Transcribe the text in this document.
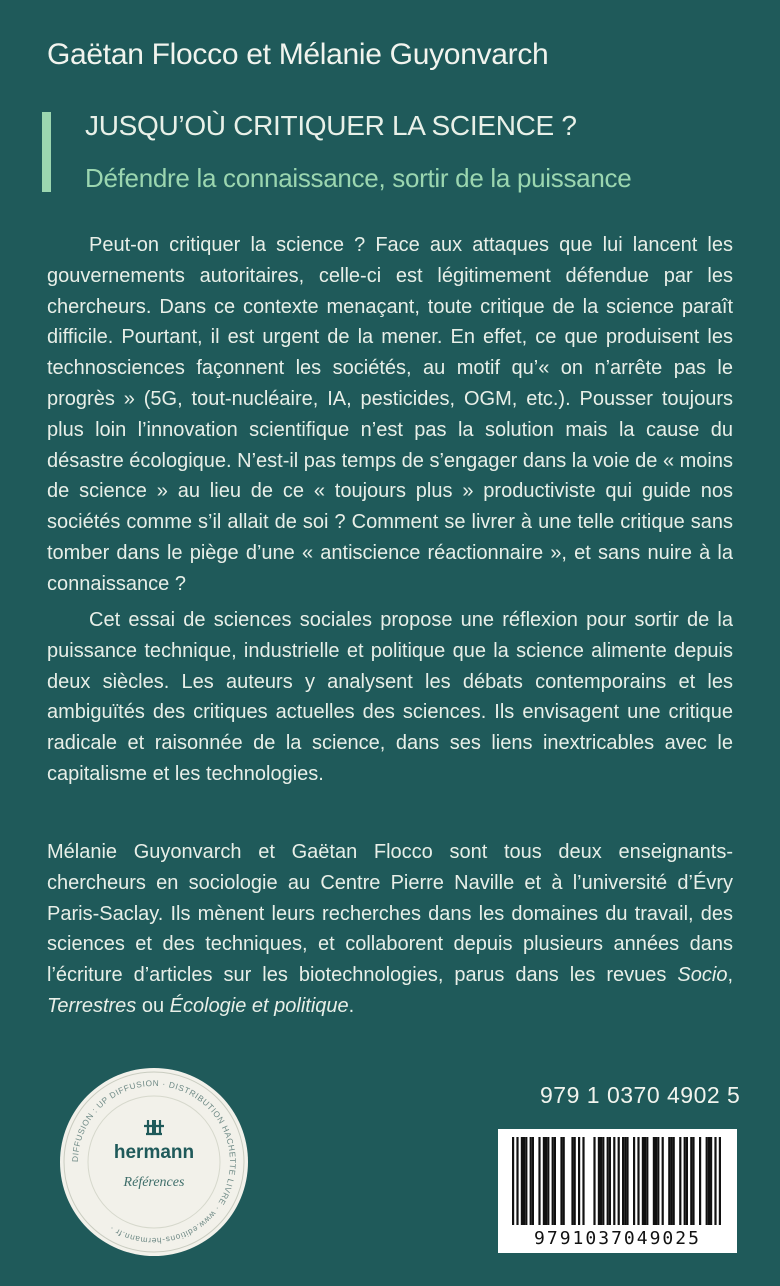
Gaëtan Flocco et Mélanie Guyonvarch
JUSQU’OÙ CRITIQUER LA SCIENCE ?
Défendre la connaissance, sortir de la puissance

Peut-on critiquer la science ? Face aux attaques que lui lancent les gouvernements autoritaires, celle-ci est légitimement défendue par les chercheurs. Dans ce contexte menaçant, toute critique de la science paraît difficile. Pourtant, il est urgent de la mener. En effet, ce que produisent les technosciences façonnent les sociétés, au motif qu’« on n’arrête pas le progrès » (5G, tout-nucléaire, IA, pesticides, OGM, etc.). Pousser toujours plus loin l’innovation scientifique n’est pas la solution mais la cause du désastre écologique. N’est-il pas temps de s’engager dans la voie de « moins de science » au lieu de ce « toujours plus » productiviste qui guide nos sociétés comme s’il allait de soi ? Comment se livrer à une telle critique sans tomber dans le piège d’une « antiscience réactionnaire », et sans nuire à la connaissance ?

Cet essai de sciences sociales propose une réflexion pour sortir de la puissance technique, industrielle et politique que la science alimente depuis deux siècles. Les auteurs y analysent les débats contemporains et les ambiguïtés des critiques actuelles des sciences. Ils envisagent une critique radicale et raisonnée de la science, dans ses liens inextricables avec le capitalisme et les technologies.

Mélanie Guyonvarch et Gaëtan Flocco sont tous deux enseignants-chercheurs en sociologie au Centre Pierre Naville et à l’université d’Évry Paris-Saclay. Ils mènent leurs recherches dans les domaines du travail, des sciences et des techniques, et collaborent depuis plusieurs années dans l’écriture d’articles sur les biotechnologies, parus dans les revues Socio, Terrestres ou Écologie et politique.

DIFFUSION : UP DIFFUSION · DISTRIBUTION HACHETTE LIVRE · www.editions-hermann.fr ·
hermann
Références
979 1 0370 4902 5
9791037049025
